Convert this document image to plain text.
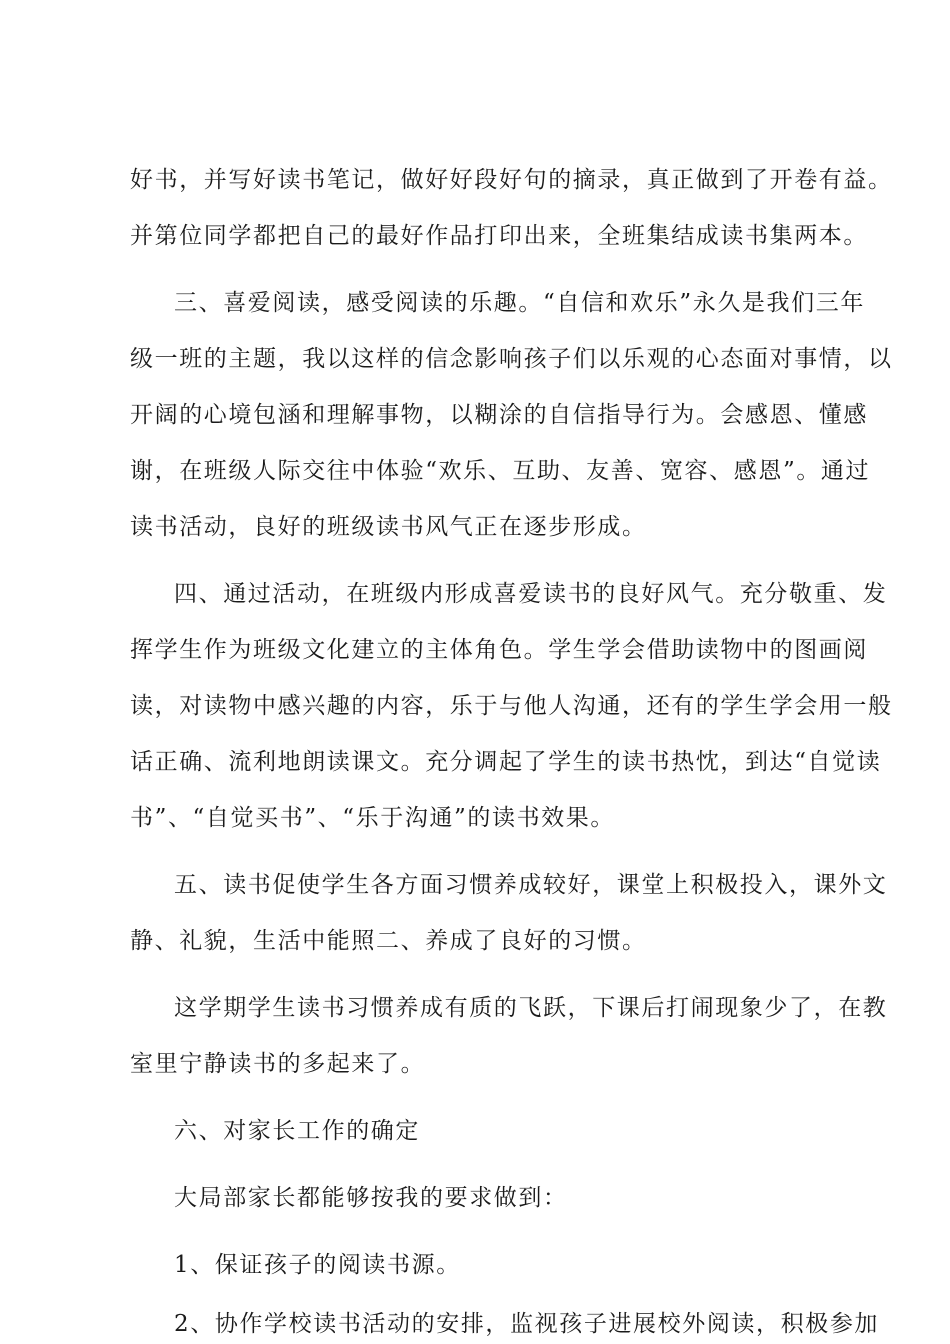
好书，并写好读书笔记，做好好段好句的摘录，真正做到了开卷有益。
并第位同学都把自己的最好作品打印出来，全班集结成读书集两本。
三、喜爱阅读，感受阅读的乐趣。“自信和欢乐”永久是我们三年
级一班的主题，我以这样的信念影响孩子们以乐观的心态面对事情，以
开阔的心境包涵和理解事物，以糊涂的自信指导行为。会感恩、懂感
谢，在班级人际交往中体验“欢乐、互助、友善、宽容、感恩”。通过
读书活动，良好的班级读书风气正在逐步形成。
四、通过活动，在班级内形成喜爱读书的良好风气。充分敬重、发
挥学生作为班级文化建立的主体角色。学生学会借助读物中的图画阅
读，对读物中感兴趣的内容，乐于与他人沟通，还有的学生学会用一般
话正确、流利地朗读课文。充分调起了学生的读书热忱，到达“自觉读
书”、“自觉买书”、“乐于沟通”的读书效果。
五、读书促使学生各方面习惯养成较好，课堂上积极投入，课外文
静、礼貌，生活中能照二、养成了良好的习惯。
这学期学生读书习惯养成有质的飞跃，下课后打闹现象少了，在教
室里宁静读书的多起来了。
六、对家长工作的确定
大局部家长都能够按我的要求做到：
1、保证孩子的阅读书源。
2、协作学校读书活动的安排，监视孩子进展校外阅读，积极参加
